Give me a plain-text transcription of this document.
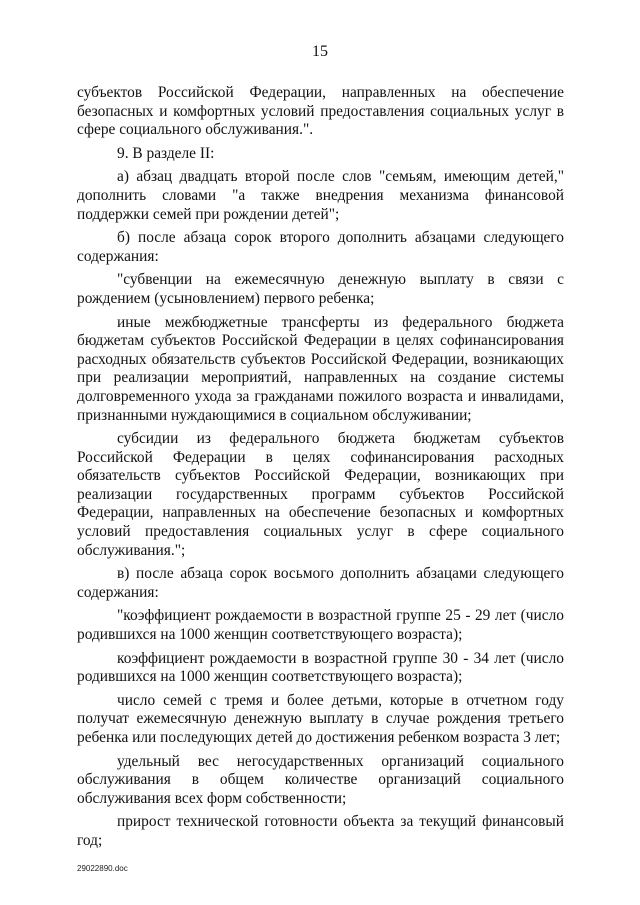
15

субъектов Российской Федерации, направленных на обеспечение безопасных и комфортных условий предоставления социальных услуг в сфере социального обслуживания.".

9. В разделе II:

а) абзац двадцать второй после слов "семьям, имеющим детей," дополнить словами "а также внедрения механизма финансовой поддержки семей при рождении детей";

б) после абзаца сорок второго дополнить абзацами следующего содержания:

"субвенции на ежемесячную денежную выплату в связи с рождением (усыновлением) первого ребенка;

иные межбюджетные трансферты из федерального бюджета бюджетам субъектов Российской Федерации в целях софинансирования расходных обязательств субъектов Российской Федерации, возникающих при реализации мероприятий, направленных на создание системы долговременного ухода за гражданами пожилого возраста и инвалидами, признанными нуждающимися в социальном обслуживании;

субсидии из федерального бюджета бюджетам субъектов Российской Федерации в целях софинансирования расходных обязательств субъектов Российской Федерации, возникающих при реализации государственных программ субъектов Российской Федерации, направленных на обеспечение безопасных и комфортных условий предоставления социальных услуг в сфере социального обслуживания.";

в) после абзаца сорок восьмого дополнить абзацами следующего содержания:

"коэффициент рождаемости в возрастной группе 25 - 29 лет (число родившихся на 1000 женщин соответствующего возраста);

коэффициент рождаемости в возрастной группе 30 - 34 лет (число родившихся на 1000 женщин соответствующего возраста);

число семей с тремя и более детьми, которые в отчетном году получат ежемесячную денежную выплату в случае рождения третьего ребенка или последующих детей до достижения ребенком возраста 3 лет;

удельный вес негосударственных организаций социального обслуживания в общем количестве организаций социального обслуживания всех форм собственности;

прирост технической готовности объекта за текущий финансовый год;

29022890.doc
